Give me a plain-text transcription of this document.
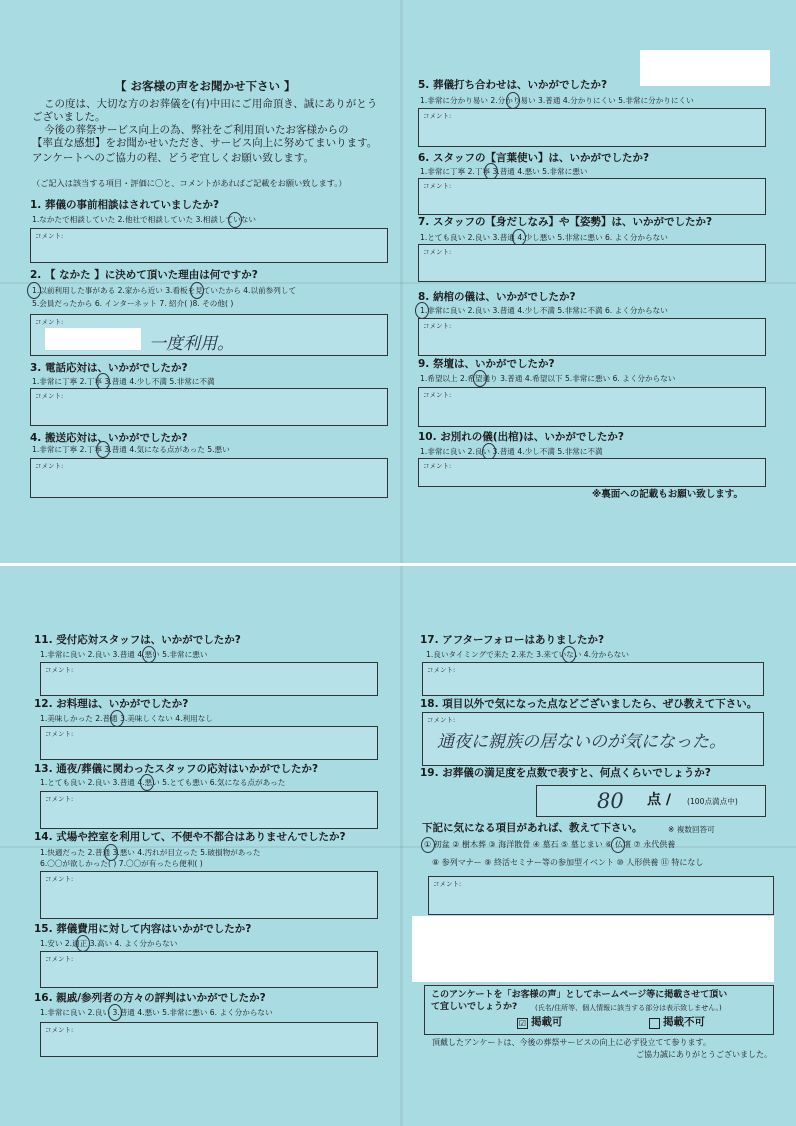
【 お客様の声をお聞かせ下さい 】
この度は、大切な方のお葬儀を(有)中田にご用命頂き、誠にありがとう
ございました。
今後の葬祭サービス向上の為、弊社をご利用頂いたお客様からの
【率直な感想】をお聞かせいただき、サービス向上に努めてまいります。
アンケートへのご協力の程、どうぞ宜しくお願い致します。
（ご記入は該当する項目・評価に〇と、コメントがあればご記載をお願い致します。）
1. 葬儀の事前相談はされていましたか?
1.なかたで相談していた 2.他社で相談していた 3.相談していない
コメント:
2. 【 なかた 】に決めて頂いた理由は何ですか?
1.以前利用した事がある 2.家から近い 3.看板を見ていたから 4.以前参列して
5.会員だったから 6. インターネット 7. 紹介( )8. その他( )
コメント:
一度利用。
3. 電話応対は、いかがでしたか?
1.非常に丁寧 2.丁寧 3.普通 4.少し不満 5.非常に不満
コメント:
4. 搬送応対は、いかがでしたか?
1.非常に丁寧 2.丁寧 3.普通 4.気になる点があった 5.悪い
コメント:
5. 葬儀打ち合わせは、いかがでしたか?
1.非常に分かり易い 2.分かり易い 3.普通 4.分かりにくい 5.非常に分かりにくい
コメント:
6. スタッフの【言葉使い】は、いかがでしたか?
1.非常に丁寧 2.丁寧 3.普通 4.悪い 5.非常に悪い
コメント:
7. スタッフの【身だしなみ】や【姿勢】は、いかがでしたか?
1.とても良い 2.良い 3.普通 4.少し悪い 5.非常に悪い 6. よく分からない
コメント:
8. 納棺の儀は、いかがでしたか?
1.非常に良い 2.良い 3.普通 4.少し不満 5.非常に不満 6. よく分からない
コメント:
9. 祭壇は、いかがでしたか?
1.希望以上 2.希望通り 3.普通 4.希望以下 5.非常に悪い 6. よく分からない
コメント:
10. お別れの儀(出棺)は、いかがでしたか?
1.非常に良い 2.良い 3.普通 4.少し不満 5.非常に不満
コメント:
※裏面への記載もお願い致します。
11. 受付応対スタッフは、いかがでしたか?
1.非常に良い 2.良い 3.普通 4.悪い 5.非常に悪い
コメント:
12. お料理は、いかがでしたか?
1.美味しかった 2.普通 3.美味しくない 4.利用なし
コメント:
13. 通夜/葬儀に関わったスタッフの応対はいかがでしたか?
1.とても良い 2.良い 3.普通 4.悪い 5.とても悪い 6.気になる点があった
コメント:
14. 式場や控室を利用して、不便や不都合はありませんでしたか?
1.快適だった 2.普通 3.悪い 4.汚れが目立った 5.破損物があった
6.〇〇が欲しかった( ) 7.〇〇が有ったら便利( )
コメント:
15. 葬儀費用に対して内容はいかがでしたか?
1.安い 2.適正 3.高い 4. よく分からない
コメント:
16. 親戚/参列者の方々の評判はいかがでしたか?
1.非常に良い 2.良い 3.普通 4.悪い 5.非常に悪い 6. よく分からない
コメント:
17. アフターフォローはありましたか?
1.良いタイミングで来た 2.来た 3.来ていない 4.分からない
コメント:
18. 項目以外で気になった点などございましたら、ぜひ教えて下さい。
コメント:
通夜に親族の居ないのが気になった。
19. お葬儀の満足度を点数で表すと、何点くらいでしょうか?
80 点 / (100点満点中)
下記に気になる項目があれば、教えて下さい。	※ 複数回答可
① 初盆 ② 樹木葬 ③ 海洋散骨 ④ 墓石 ⑤ 墓じまい ⑥ 仏壇 ⑦ 永代供養
⑧ 参列マナー ⑨ 終活セミナー等の参加型イベント ⑩ 人形供養 ⑪ 特になし
コメント:
このアンケートを「お客様の声」としてホームページ等に掲載させて頂い
て宜しいでしょうか?	(氏名/住所等、個人情報に該当する部分は表示致しません。)
☑ 掲載可	掲載不可
頂戴したアンケートは、今後の葬祭サービスの向上に必ず役立てて参ります。
ご協力誠にありがとうございました。
